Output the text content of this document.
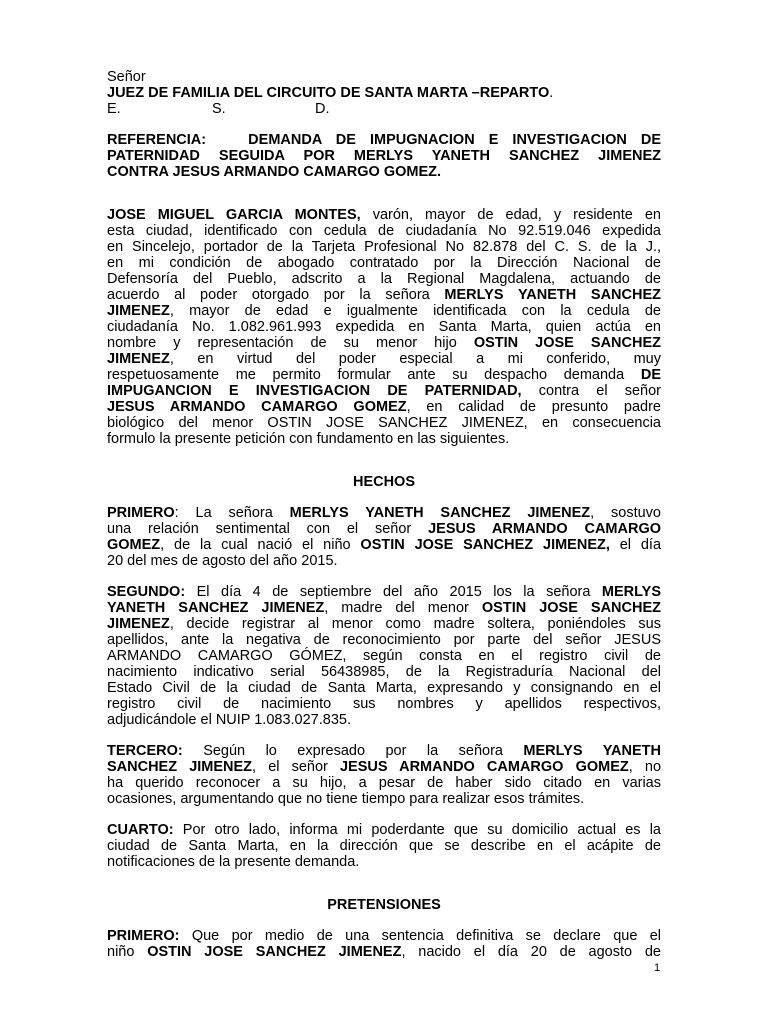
Señor
JUEZ DE FAMILIA DEL CIRCUITO DE SANTA MARTA –REPARTO.
E.	S.	D.
REFERENCIA:   DEMANDA DE IMPUGNACION E INVESTIGACION DE
PATERNIDAD SEGUIDA POR MERLYS YANETH SANCHEZ JIMENEZ
CONTRA JESUS ARMANDO CAMARGO GOMEZ.
JOSE MIGUEL GARCIA MONTES, varón, mayor de edad, y residente en
esta ciudad, identificado con cedula de ciudadanía No 92.519.046 expedida
en Sincelejo, portador de la Tarjeta Profesional No 82.878 del C. S. de la J.,
en mi condición de abogado contratado por la Dirección Nacional de
Defensoría del Pueblo, adscrito a la Regional Magdalena, actuando de
acuerdo al poder otorgado por la señora MERLYS YANETH SANCHEZ
JIMENEZ, mayor de edad e igualmente identificada con la cedula de
ciudadanía No. 1.082.961.993 expedida en Santa Marta, quien actúa en
nombre y representación de su menor hijo OSTIN JOSE SANCHEZ
JIMENEZ, en virtud del poder especial a mi conferido, muy
respetuosamente me permito formular ante su despacho demanda DE
IMPUGANCION E INVESTIGACION DE PATERNIDAD, contra el señor
JESUS ARMANDO CAMARGO GOMEZ, en calidad de presunto padre
biológico del menor OSTIN JOSE SANCHEZ JIMENEZ, en consecuencia
formulo la presente petición con fundamento en las siguientes.
HECHOS
PRIMERO: La señora MERLYS YANETH SANCHEZ JIMENEZ, sostuvo
una relación sentimental con el señor JESUS ARMANDO CAMARGO
GOMEZ, de la cual nació el niño OSTIN JOSE SANCHEZ JIMENEZ, el día
20 del mes de agosto del año 2015.
SEGUNDO: El día 4 de septiembre del año 2015 los la señora MERLYS
YANETH SANCHEZ JIMENEZ, madre del menor OSTIN JOSE SANCHEZ
JIMENEZ, decide registrar al menor como madre soltera, poniéndoles sus
apellidos, ante la negativa de reconocimiento por parte del señor JESUS
ARMANDO CAMARGO GÓMEZ, según consta en el registro civil de
nacimiento indicativo serial 56438985, de la Registraduría Nacional del
Estado Civil de la ciudad de Santa Marta, expresando y consignando en el
registro civil de nacimiento sus nombres y apellidos respectivos,
adjudicándole el NUIP 1.083.027.835.
TERCERO: Según lo expresado por la señora MERLYS YANETH
SANCHEZ JIMENEZ, el señor JESUS ARMANDO CAMARGO GOMEZ, no
ha querido reconocer a su hijo, a pesar de haber sido citado en varias
ocasiones, argumentando que no tiene tiempo para realizar esos trámites.
CUARTO: Por otro lado, informa mi poderdante que su domicilio actual es la
ciudad de Santa Marta, en la dirección que se describe en el acápite de
notificaciones de la presente demanda.
PRETENSIONES
PRIMERO: Que por medio de una sentencia definitiva se declare que el
niño OSTIN JOSE SANCHEZ JIMENEZ, nacido el día 20 de agosto de
1
